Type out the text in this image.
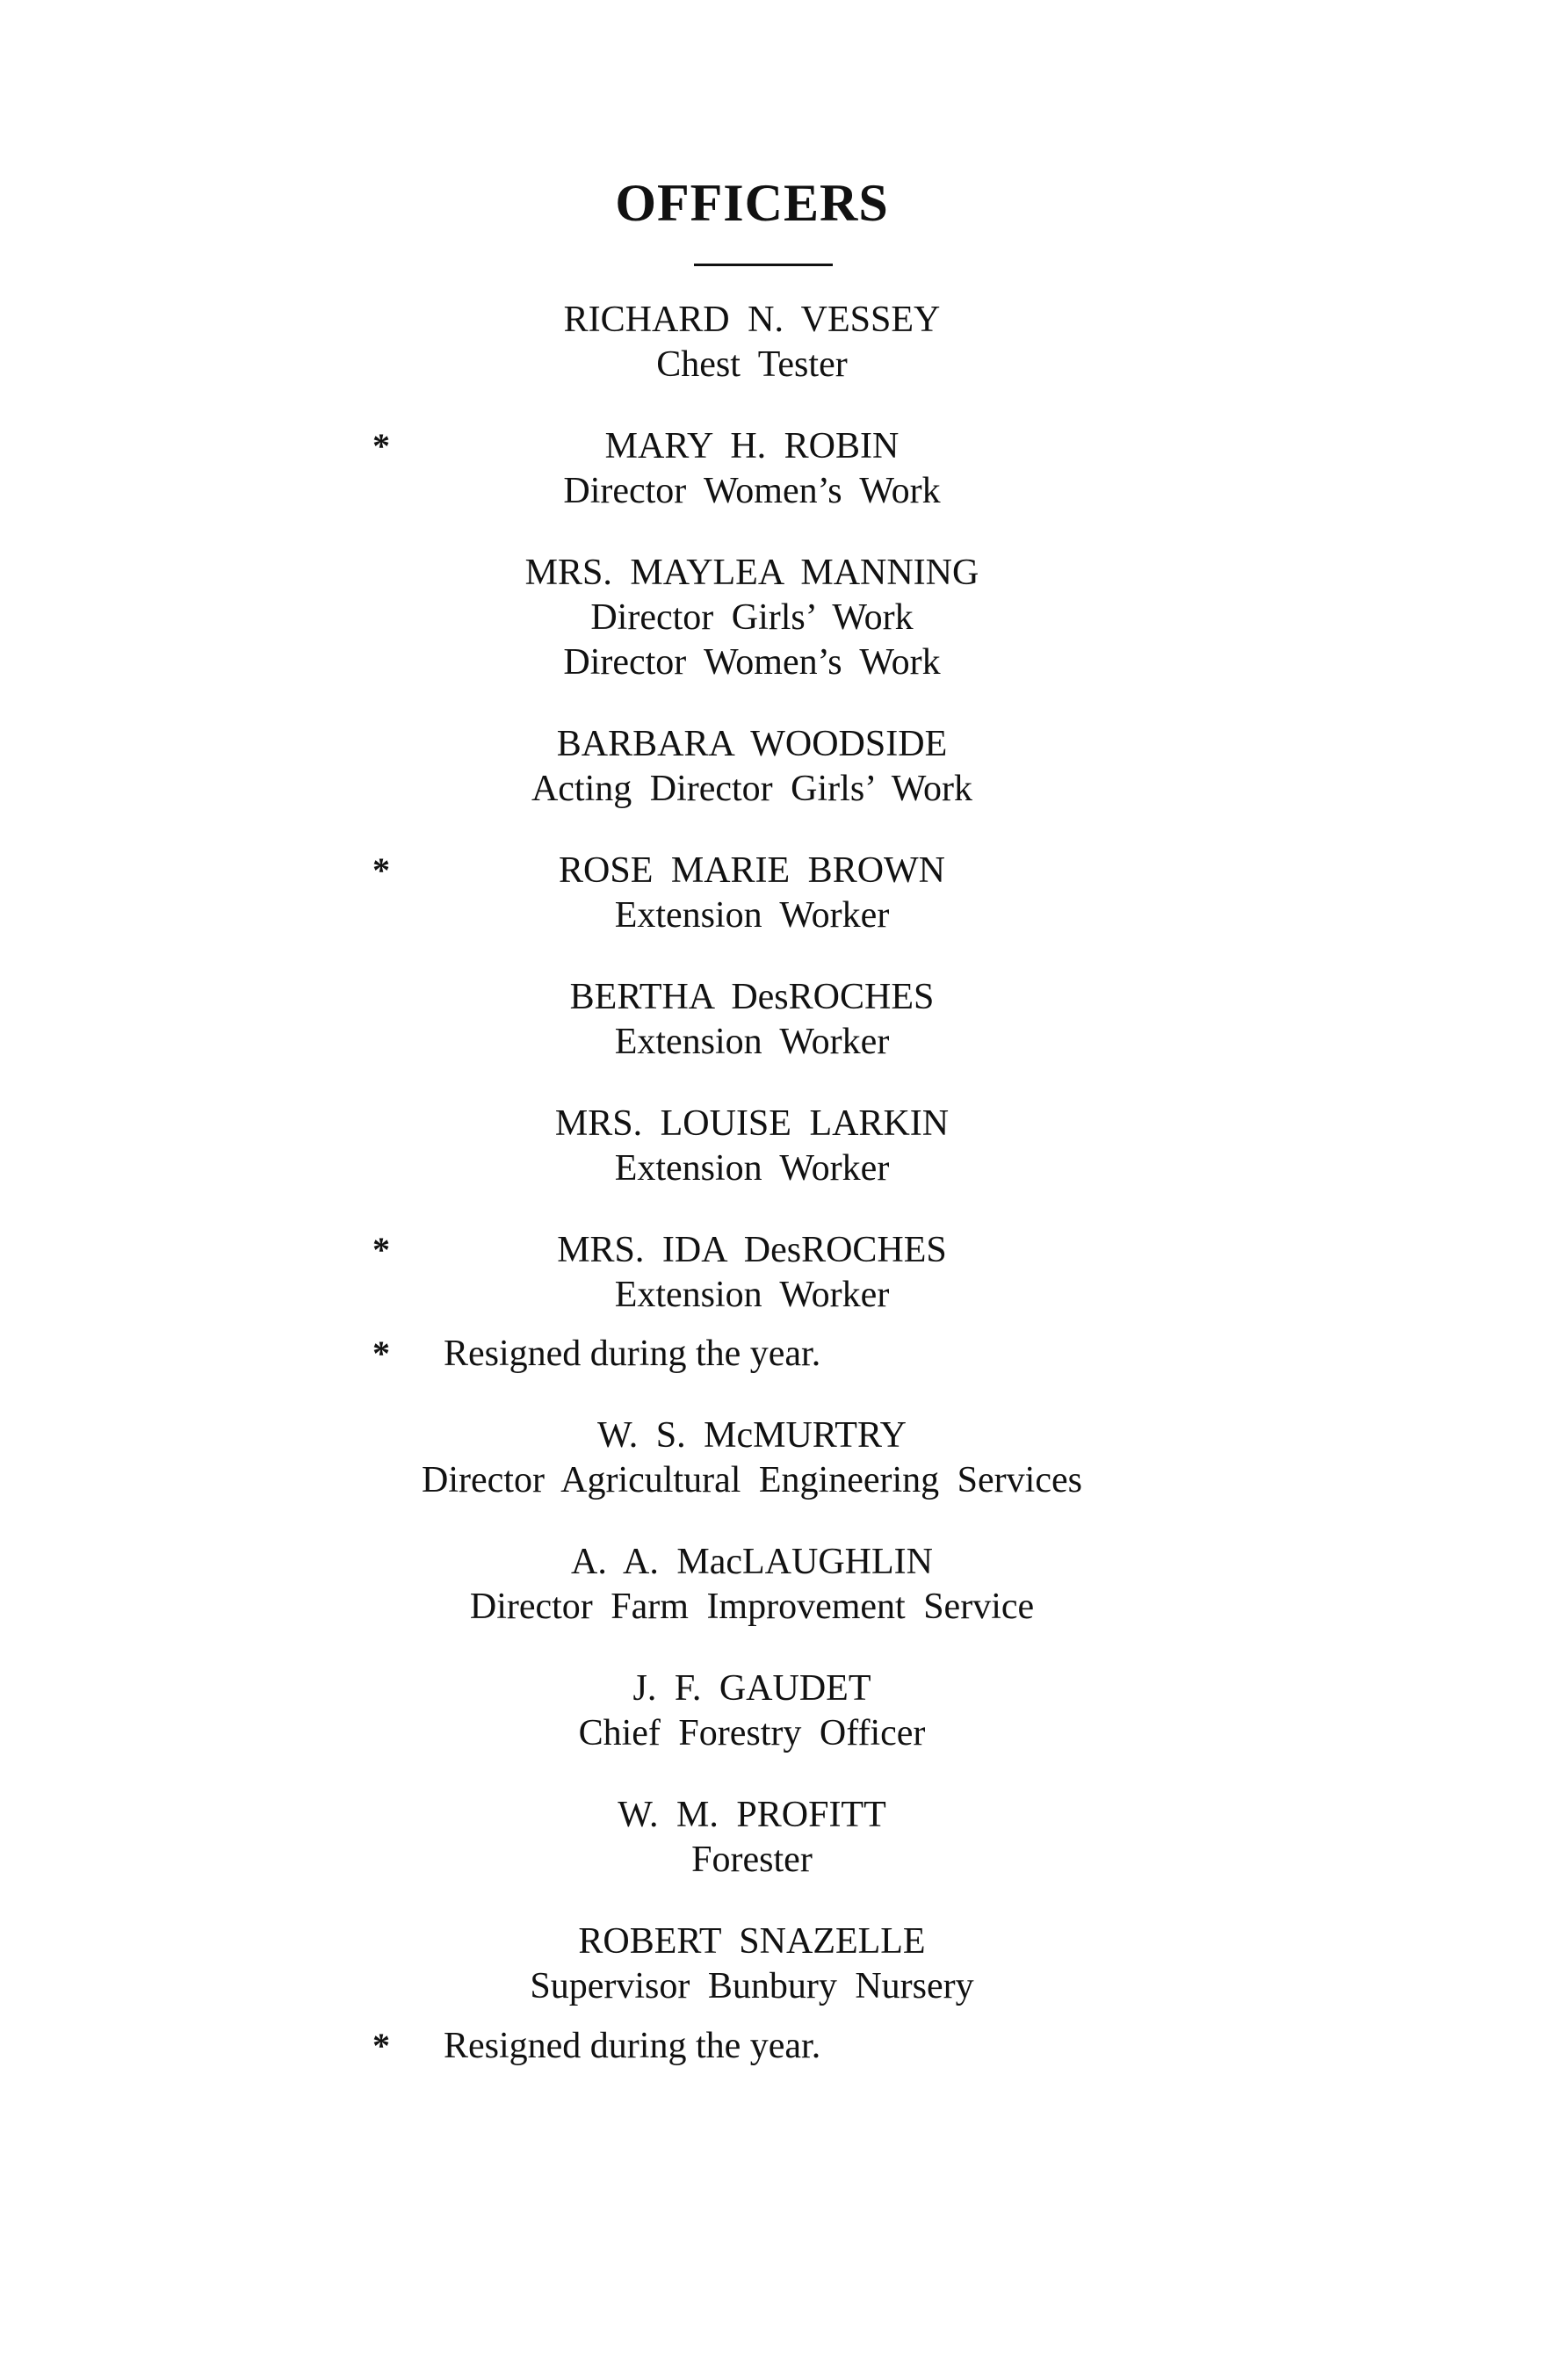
OFFICERS
RICHARD N. VESSEY
Chest Tester
*	MARY H. ROBIN
Director Women’s Work
MRS. MAYLEA MANNING
Director Girls’ Work
Director Women’s Work
BARBARA WOODSIDE
Acting Director Girls’ Work
*	ROSE MARIE BROWN
Extension Worker
BERTHA DesROCHES
Extension Worker
MRS. LOUISE LARKIN
Extension Worker
*	MRS. IDA DesROCHES
Extension Worker
* Resigned during the year.
W. S. McMURTRY
Director Agricultural Engineering Services
A. A. MacLAUGHLIN
Director Farm Improvement Service
J. F. GAUDET
Chief Forestry Officer
W. M. PROFITT
Forester
ROBERT SNAZELLE
Supervisor Bunbury Nursery
* Resigned during the year.
